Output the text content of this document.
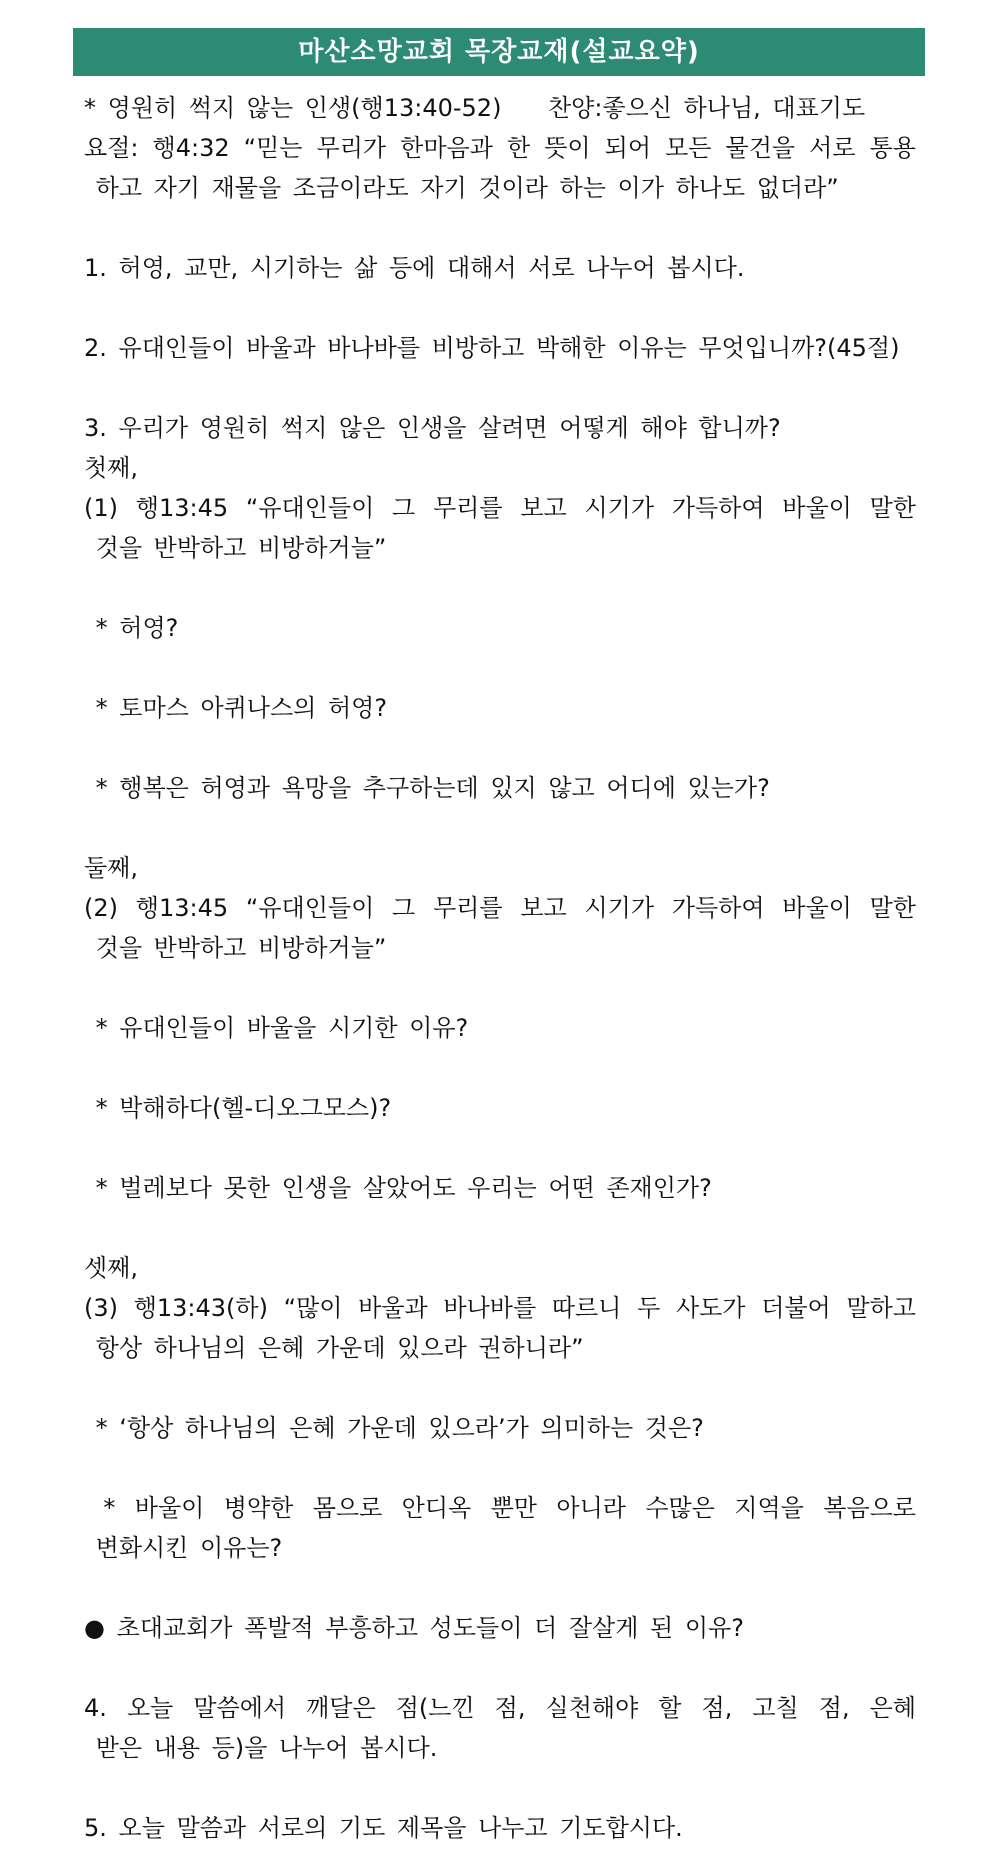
마산소망교회 목장교재(설교요약)
* 영원히 썩지 않는 인생(행13:40-52)    찬양:좋으신 하나님, 대표기도
요절: 행4:32 “믿는 무리가 한마음과 한 뜻이 되어 모든 물건을 서로 통용
하고 자기 재물을 조금이라도 자기 것이라 하는 이가 하나도 없더라”
1. 허영, 교만, 시기하는 삶 등에 대해서 서로 나누어 봅시다.
2. 유대인들이 바울과 바나바를 비방하고 박해한 이유는 무엇입니까?(45절)
3. 우리가 영원히 썩지 않은 인생을 살려면 어떻게 해야 합니까?
첫째,
(1) 행13:45 “유대인들이 그 무리를 보고 시기가 가득하여 바울이 말한
것을 반박하고 비방하거늘”
* 허영?
* 토마스 아퀴나스의 허영?
* 행복은 허영과 욕망을 추구하는데 있지 않고 어디에 있는가?
둘째,
(2) 행13:45 “유대인들이 그 무리를 보고 시기가 가득하여 바울이 말한
것을 반박하고 비방하거늘”
* 유대인들이 바울을 시기한 이유?
* 박해하다(헬-디오그모스)?
* 벌레보다 못한 인생을 살았어도 우리는 어떤 존재인가?
셋째,
(3) 행13:43(하) “많이 바울과 바나바를 따르니 두 사도가 더불어 말하고
항상 하나님의 은혜 가운데 있으라 권하니라”
* ‘항상 하나님의 은혜 가운데 있으라’가 의미하는 것은?
* 바울이 병약한 몸으로 안디옥 뿐만 아니라 수많은 지역을 복음으로
변화시킨 이유는?
● 초대교회가 폭발적 부흥하고 성도들이 더 잘살게 된 이유?
4. 오늘 말씀에서 깨달은 점(느낀 점, 실천해야 할 점, 고칠 점, 은혜
받은 내용 등)을 나누어 봅시다.
5. 오늘 말씀과 서로의 기도 제목을 나누고 기도합시다.
